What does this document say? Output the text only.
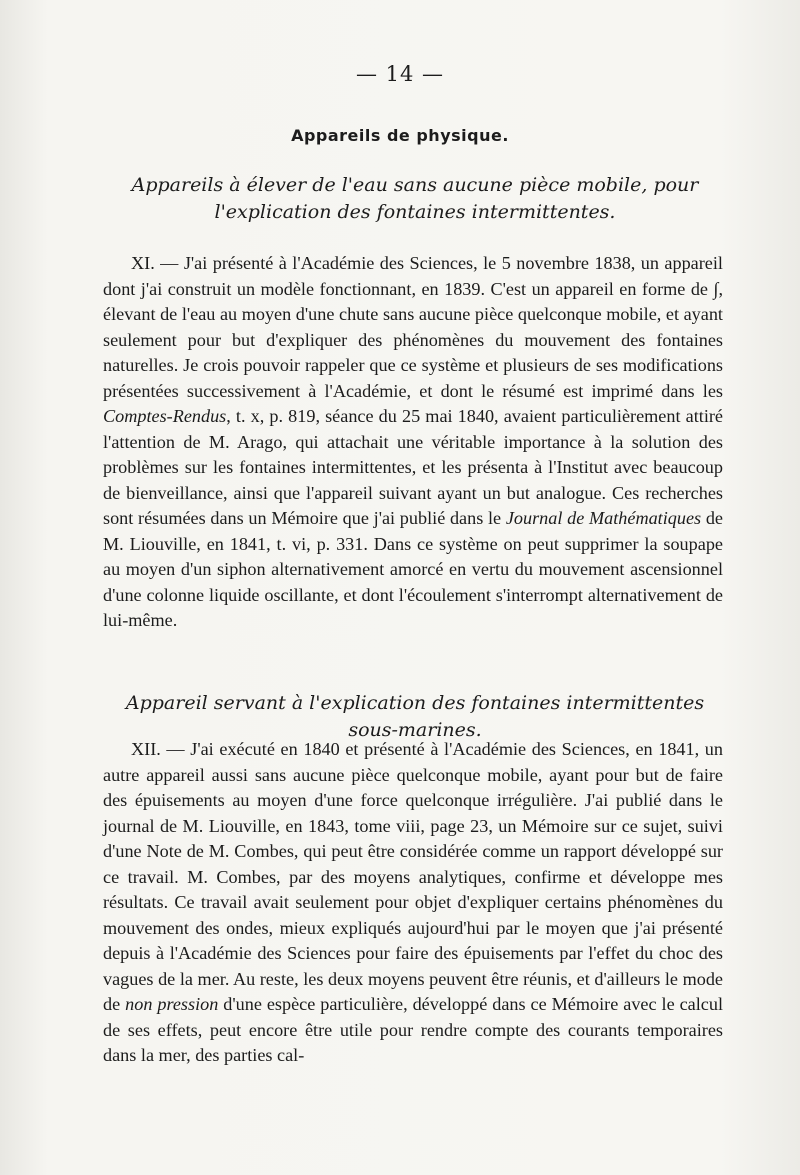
— 14 —
Appareils de physique.
Appareils à élever de l'eau sans aucune pièce mobile, pour l'explication des fontaines intermittentes.
XI. — J'ai présenté à l'Académie des Sciences, le 5 novembre 1838, un appareil dont j'ai construit un modèle fonctionnant, en 1839. C'est un appareil en forme de ∫, élevant de l'eau au moyen d'une chute sans aucune pièce quelconque mobile, et ayant seulement pour but d'expliquer des phénomènes du mouvement des fontaines naturelles. Je crois pouvoir rappeler que ce système et plusieurs de ses modifications présentées successivement à l'Académie, et dont le résumé est imprimé dans les Comptes-Rendus, t. x, p. 819, séance du 25 mai 1840, avaient particulièrement attiré l'attention de M. Arago, qui attachait une véritable importance à la solution des problèmes sur les fontaines intermittentes, et les présenta à l'Institut avec beaucoup de bienveillance, ainsi que l'appareil suivant ayant un but analogue. Ces recherches sont résumées dans un Mémoire que j'ai publié dans le Journal de Mathématiques de M. Liouville, en 1841, t. vi, p. 331. Dans ce système on peut supprimer la soupape au moyen d'un siphon alternativement amorcé en vertu du mouvement ascensionnel d'une colonne liquide oscillante, et dont l'écoulement s'interrompt alternativement de lui-même.
Appareil servant à l'explication des fontaines intermittentes sous-marines.
XII. — J'ai exécuté en 1840 et présenté à l'Académie des Sciences, en 1841, un autre appareil aussi sans aucune pièce quelconque mobile, ayant pour but de faire des épuisements au moyen d'une force quelconque irrégulière. J'ai publié dans le journal de M. Liouville, en 1843, tome viii, page 23, un Mémoire sur ce sujet, suivi d'une Note de M. Combes, qui peut être considérée comme un rapport développé sur ce travail. M. Combes, par des moyens analytiques, confirme et développe mes résultats. Ce travail avait seulement pour objet d'expliquer certains phénomènes du mouvement des ondes, mieux expliqués aujourd'hui par le moyen que j'ai présenté depuis à l'Académie des Sciences pour faire des épuisements par l'effet du choc des vagues de la mer. Au reste, les deux moyens peuvent être réunis, et d'ailleurs le mode de non pression d'une espèce particulière, développé dans ce Mémoire avec le calcul de ses effets, peut encore être utile pour rendre compte des courants temporaires dans la mer, des parties cal-
